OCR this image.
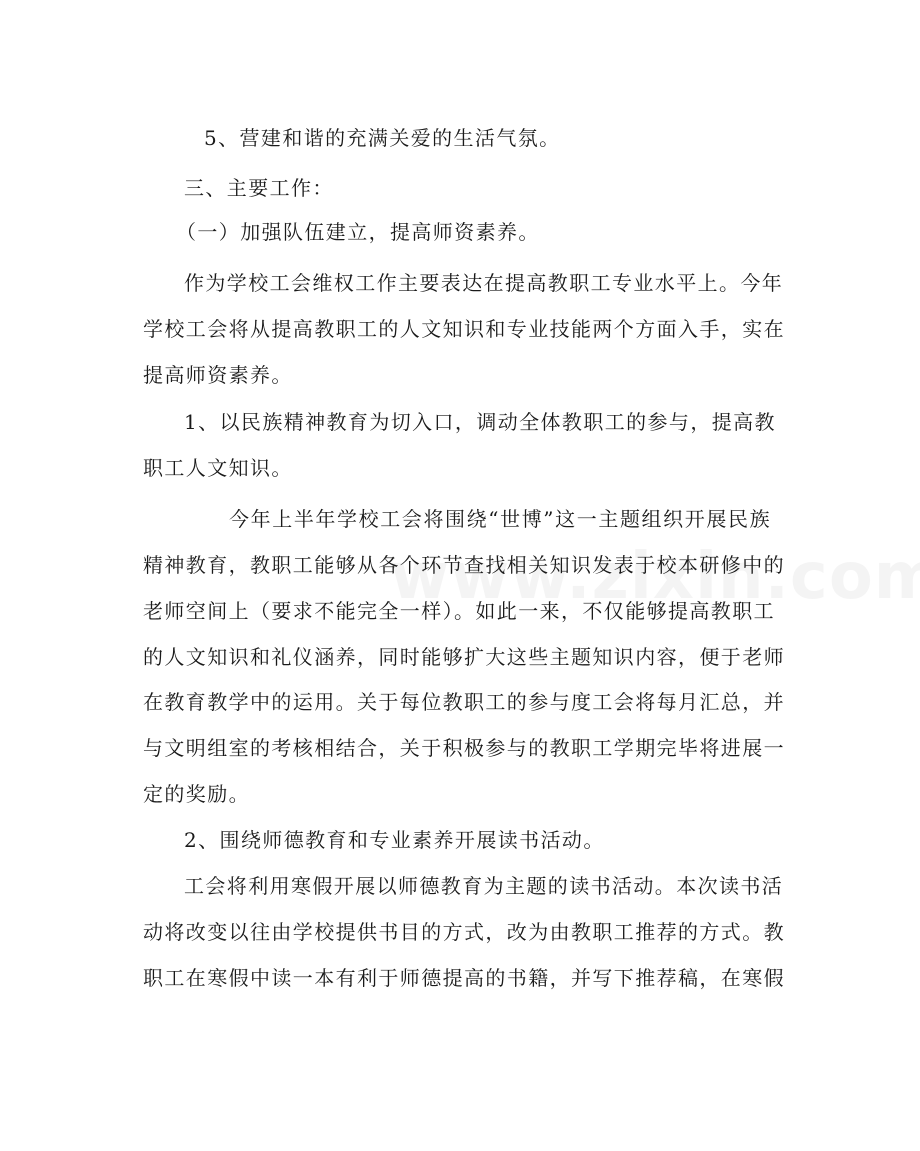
5、营建和谐的充满关爱的生活气氛。
三、主要工作：
（一）加强队伍建立，提高师资素养。
作为学校工会维权工作主要表达在提高教职工专业水平上。今年
学校工会将从提高教职工的人文知识和专业技能两个方面入手，实在
提高师资素养。
1、以民族精神教育为切入口，调动全体教职工的参与，提高教
职工人文知识。
今年上半年学校工会将围绕“世博”这一主题组织开展民族
精神教育，教职工能够从各个环节查找相关知识发表于校本研修中的
老师空间上（要求不能完全一样）。如此一来，不仅能够提高教职工
的人文知识和礼仪涵养，同时能够扩大这些主题知识内容，便于老师
在教育教学中的运用。关于每位教职工的参与度工会将每月汇总，并
与文明组室的考核相结合，关于积极参与的教职工学期完毕将进展一
定的奖励。
2、围绕师德教育和专业素养开展读书活动。
工会将利用寒假开展以师德教育为主题的读书活动。本次读书活
动将改变以往由学校提供书目的方式，改为由教职工推荐的方式。教
职工在寒假中读一本有利于师德提高的书籍，并写下推荐稿，在寒假
